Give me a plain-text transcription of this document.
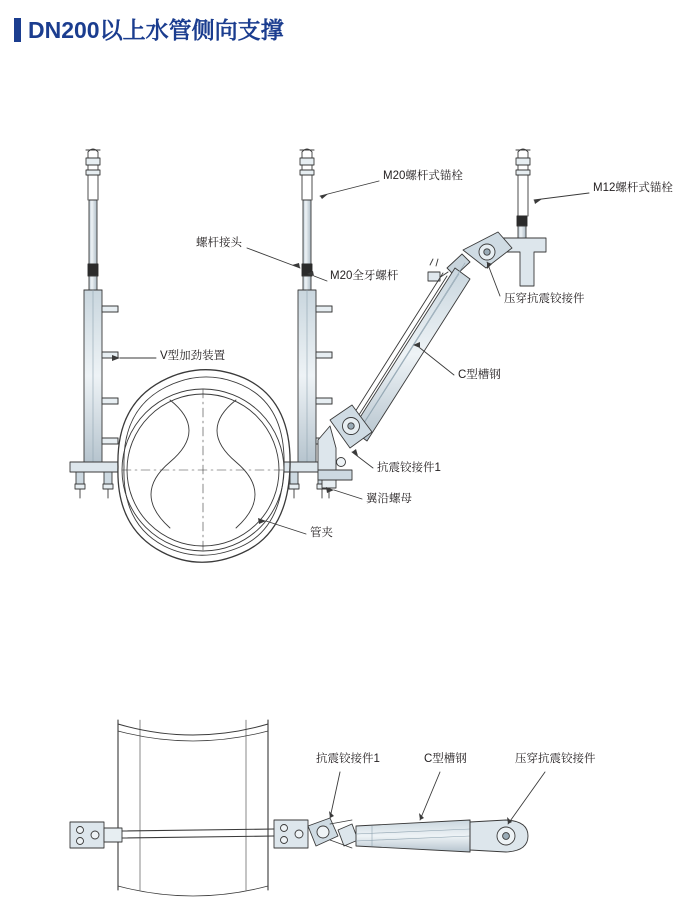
DN200以上水管侧向支撑
M20螺杆式锚栓
M12螺杆式锚栓
螺杆接头
M20全牙螺杆
压穿抗震铰接件
C型槽钢
V型加劲装置
抗震铰接件1
翼沿螺母
管夹
抗震铰接件1	C型槽钢	压穿抗震铰接件
